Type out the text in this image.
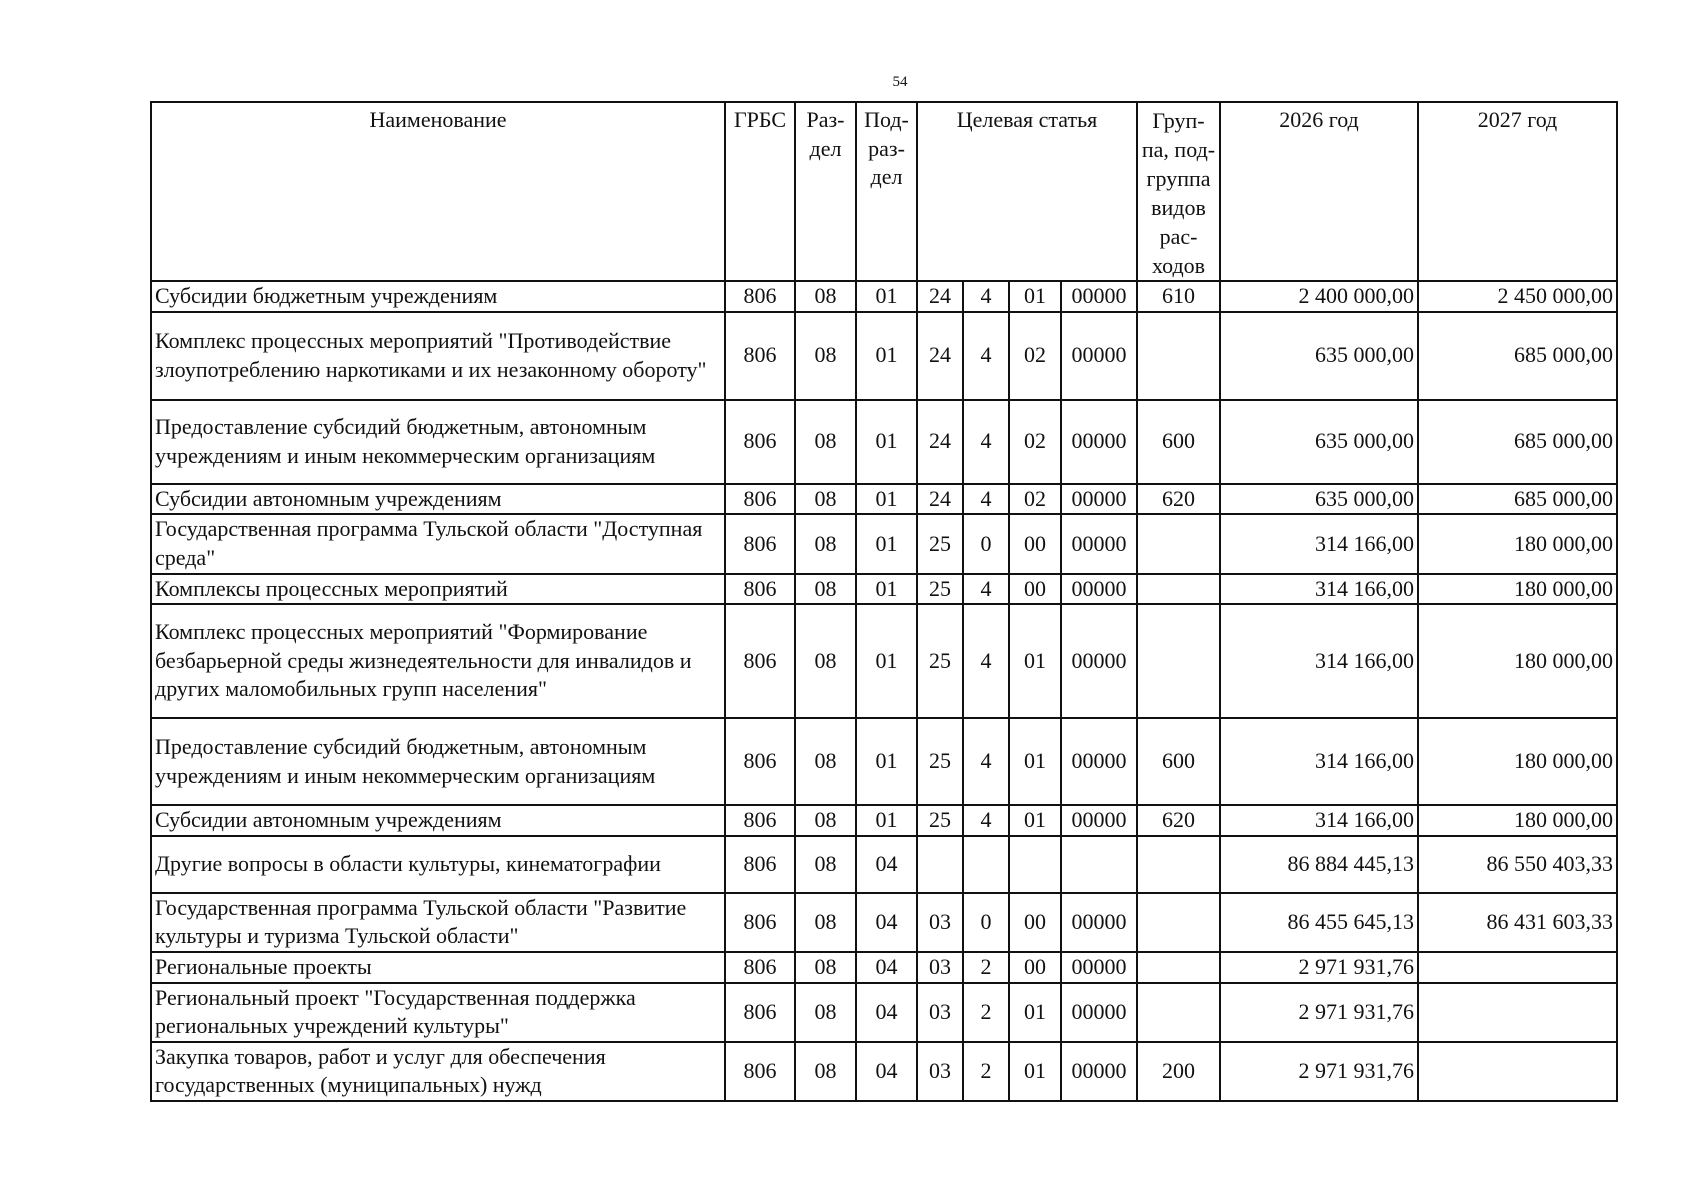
54
Наименование	ГРБС	Раз- дел	Под- раз- дел	Целевая статья				Груп- па, под- группа видов рас- ходов	2026 год	2027 год
Субсидии бюджетным учреждениям	806	08	01	24	4	01	00000	610	2 400 000,00	2 450 000,00
Комплекс процессных мероприятий "Противодействие злоупотреблению наркотиками и их незаконному обороту"	806	08	01	24	4	02	00000		635 000,00	685 000,00
Предоставление субсидий бюджетным, автономным учреждениям и иным некоммерческим организациям	806	08	01	24	4	02	00000	600	635 000,00	685 000,00
Субсидии автономным учреждениям	806	08	01	24	4	02	00000	620	635 000,00	685 000,00
Государственная программа Тульской области "Доступная среда"	806	08	01	25	0	00	00000		314 166,00	180 000,00
Комплексы процессных мероприятий	806	08	01	25	4	00	00000		314 166,00	180 000,00
Комплекс процессных мероприятий "Формирование безбарьерной среды жизнедеятельности для инвалидов и других маломобильных групп населения"	806	08	01	25	4	01	00000		314 166,00	180 000,00
Предоставление субсидий бюджетным, автономным учреждениям и иным некоммерческим организациям	806	08	01	25	4	01	00000	600	314 166,00	180 000,00
Субсидии автономным учреждениям	806	08	01	25	4	01	00000	620	314 166,00	180 000,00
Другие вопросы в области культуры, кинематографии	806	08	04						86 884 445,13	86 550 403,33
Государственная программа Тульской области "Развитие культуры и туризма Тульской области"	806	08	04	03	0	00	00000		86 455 645,13	86 431 603,33
Региональные проекты	806	08	04	03	2	00	00000		2 971 931,76	
Региональный проект "Государственная поддержка региональных учреждений культуры"	806	08	04	03	2	01	00000		2 971 931,76	
Закупка товаров, работ и услуг для обеспечения государственных (муниципальных) нужд	806	08	04	03	2	01	00000	200	2 971 931,76	
